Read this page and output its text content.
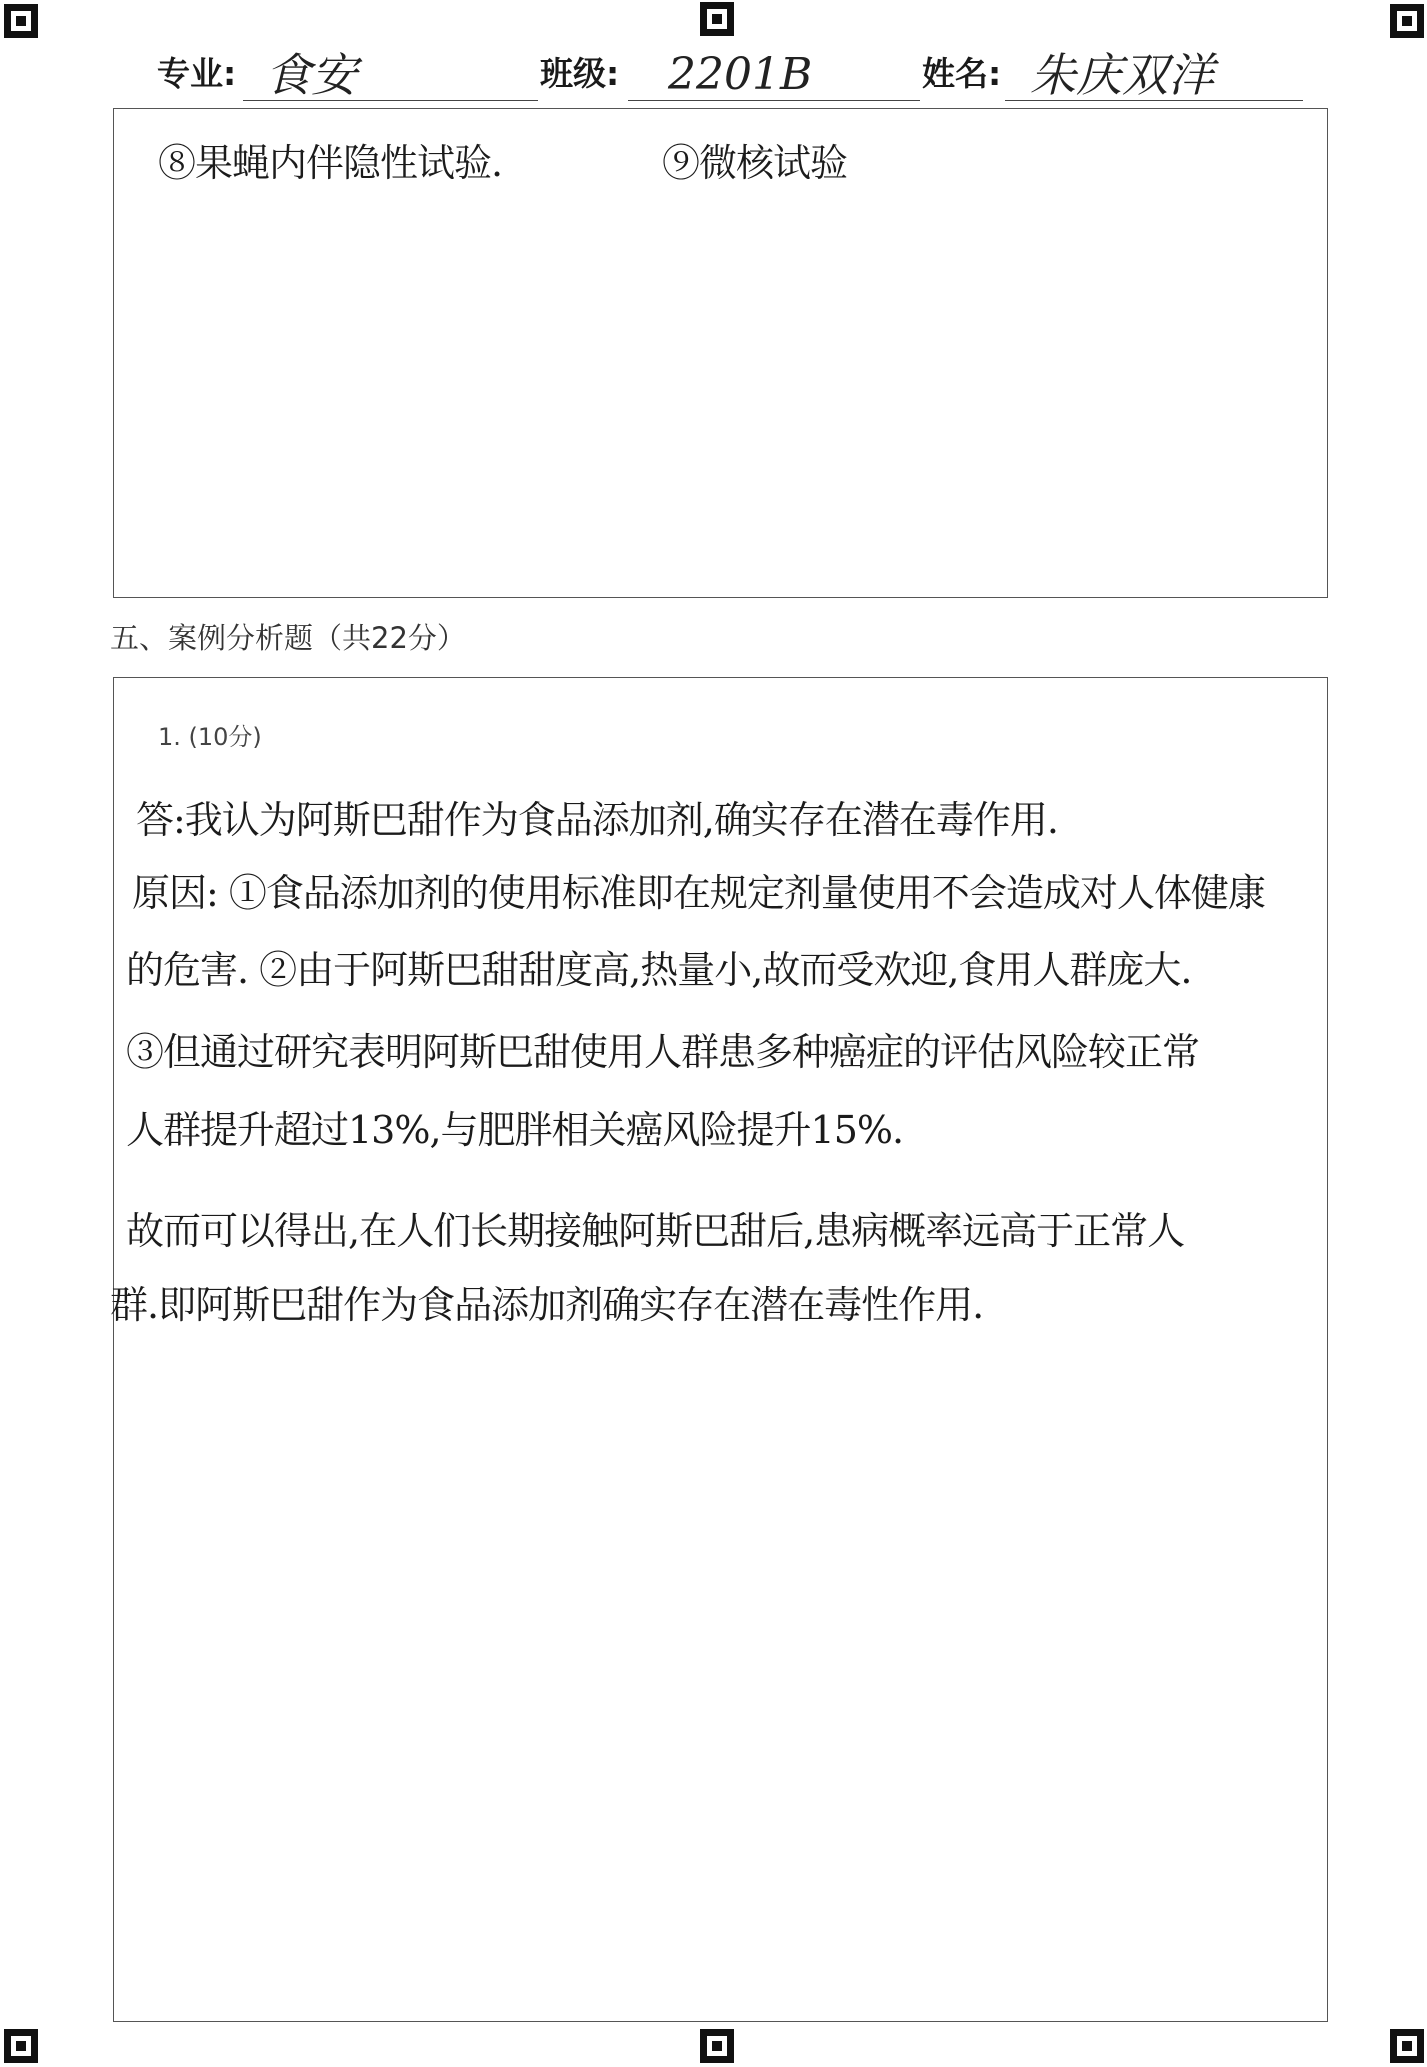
专业: 食安	班级: 2201B	姓名: 朱庆双洋
⑧果蝇内伴隐性试验.	⑨微核试验
五、案例分析题（共22分）
1. (10分)
答:我认为阿斯巴甜作为食品添加剂,确实存在潜在毒作用.
原因: ①食品添加剂的使用标准即在规定剂量使用不会造成对人体健康
的危害. ②由于阿斯巴甜甜度高,热量小,故而受欢迎,食用人群庞大.
③但通过研究表明阿斯巴甜使用人群患多种癌症的评估风险较正常
人群提升超过13%,与肥胖相关癌风险提升15%.
故而可以得出,在人们长期接触阿斯巴甜后,患病概率远高于正常人
群.即阿斯巴甜作为食品添加剂确实存在潜在毒性作用.
